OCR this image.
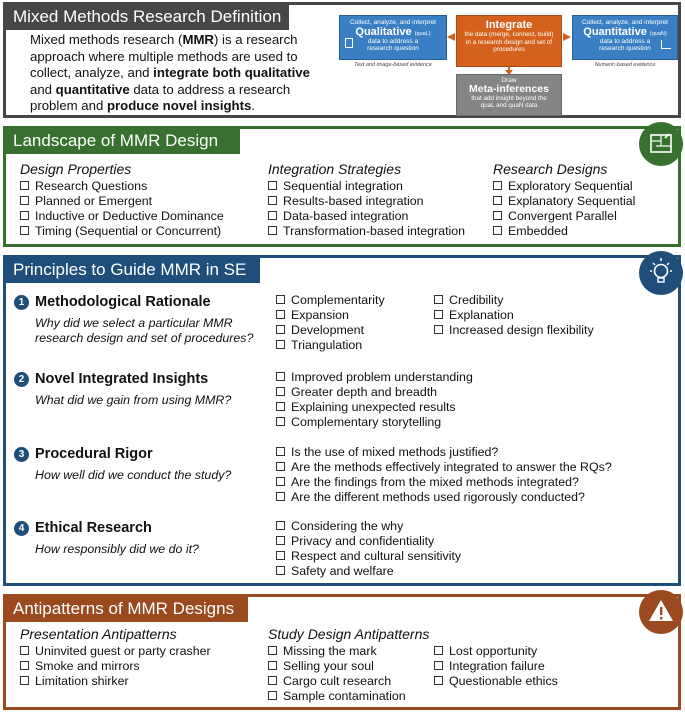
Mixed Methods Research Definition
Mixed methods research (MMR) is a research approach where multiple methods are used to collect, analyze, and integrate both qualitative and quantitative data to address a research problem and produce novel insights.
Collect, analyze, and interpret
Qualitative (quaL)
data to address a research question
Text and image-based evidence
Integrate
the data (merge, connect, build) in a research design and set of procedures
Collect, analyze, and interpret
Quantitative (quaN)
data to address a research question
Numeric-based evidence
Draw
Meta-inferences
that add insight beyond the quaL and quaN data
Landscape of MMR Design
Design Properties
Research Questions
Planned or Emergent
Inductive or Deductive Dominance
Timing (Sequential or Concurrent)
Integration Strategies
Sequential integration
Results-based integration
Data-based integration
Transformation-based integration
Research Designs
Exploratory Sequential
Explanatory Sequential
Convergent Parallel
Embedded
Principles to Guide MMR in SE
1 Methodological Rationale
Why did we select a particular MMR research design and set of procedures?
Complementarity
Expansion
Development
Triangulation
Credibility
Explanation
Increased design flexibility
2 Novel Integrated Insights
What did we gain from using MMR?
Improved problem understanding
Greater depth and breadth
Explaining unexpected results
Complementary storytelling
3 Procedural Rigor
How well did we conduct the study?
Is the use of mixed methods justified?
Are the methods effectively integrated to answer the RQs?
Are the findings from the mixed methods integrated?
Are the different methods used rigorously conducted?
4 Ethical Research
How responsibly did we do it?
Considering the why
Privacy and confidentiality
Respect and cultural sensitivity
Safety and welfare
Antipatterns of MMR Designs
Presentation Antipatterns
Uninvited guest or party crasher
Smoke and mirrors
Limitation shirker
Study Design Antipatterns
Missing the mark
Selling your soul
Cargo cult research
Sample contamination
Lost opportunity
Integration failure
Questionable ethics
